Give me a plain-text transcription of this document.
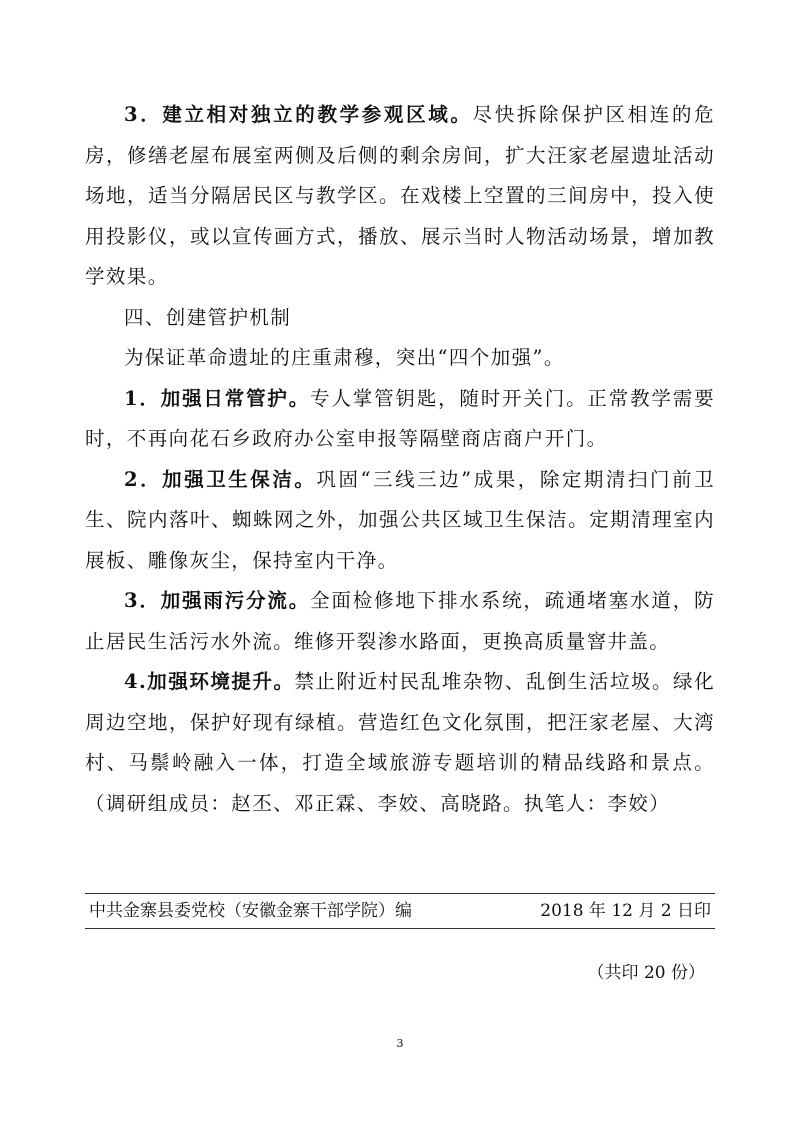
3．建立相对独立的教学参观区域。尽快拆除保护区相连的危房，修缮老屋布展室两侧及后侧的剩余房间，扩大汪家老屋遗址活动场地，适当分隔居民区与教学区。在戏楼上空置的三间房中，投入使用投影仪，或以宣传画方式，播放、展示当时人物活动场景，增加教学效果。

四、创建管护机制

为保证革命遗址的庄重肃穆，突出“四个加强”。

1．加强日常管护。专人掌管钥匙，随时开关门。正常教学需要时，不再向花石乡政府办公室申报等隔壁商店商户开门。

2．加强卫生保洁。巩固“三线三边”成果，除定期清扫门前卫生、院内落叶、蜘蛛网之外，加强公共区域卫生保洁。定期清理室内展板、雕像灰尘，保持室内干净。

3．加强雨污分流。全面检修地下排水系统，疏通堵塞水道，防止居民生活污水外流。维修开裂渗水路面，更换高质量窨井盖。

4.加强环境提升。禁止附近村民乱堆杂物、乱倒生活垃圾。绿化周边空地，保护好现有绿植。营造红色文化氛围，把汪家老屋、大湾村、马鬃岭融入一体，打造全域旅游专题培训的精品线路和景点。（调研组成员：赵丕、邓正霖、李姣、高晓路。执笔人：李姣）

中共金寨县委党校（安徽金寨干部学院）编	2018 年 12 月 2 日印
（共印 20 份）
3
